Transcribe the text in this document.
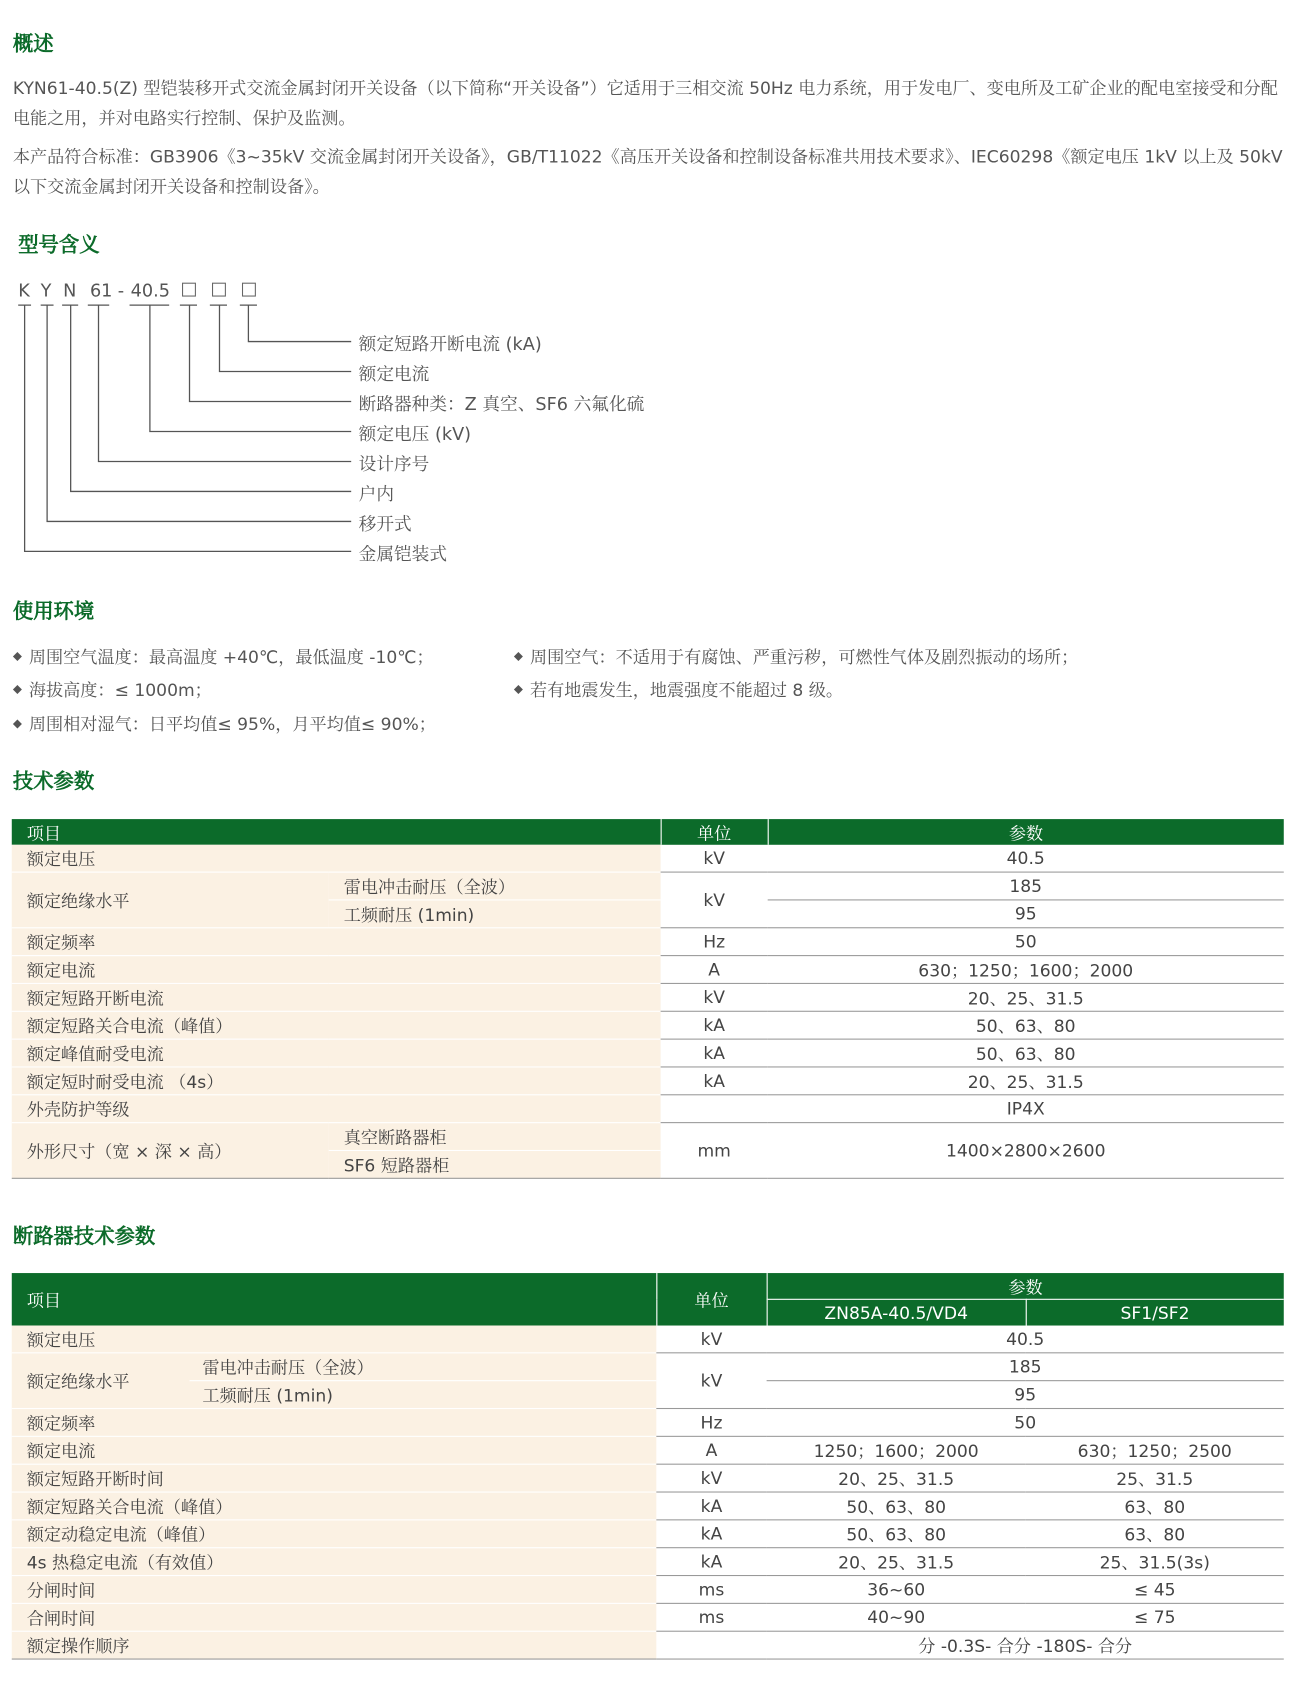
概述
KYN61-40.5(Z) 型铠装移开式交流金属封闭开关设备（以下简称“开关设备”）它适用于三相交流 50Hz 电力系统，用于发电厂、变电所及工矿企业的配电室接受和分配电能之用，并对电路实行控制、保护及监测。
本产品符合标准：GB3906《3~35kV 交流金属封闭开关设备》，GB/T11022《高压开关设备和控制设备标准共用技术要求》、IEC60298《额定电压 1kV 以上及 50kV 以下交流金属封闭开关设备和控制设备》。
型号含义
K Y N 61 - 40.5
额定短路开断电流 (kA)
额定电流
断路器种类：Z 真空、SF6 六氟化硫
额定电压 (kV)
设计序号
户内
移开式
金属铠装式
使用环境
◆ 周围空气温度：最高温度 +40℃，最低温度 -10℃；
◆ 海拔高度：≤ 1000m；
◆ 周围相对湿气：日平均值≤ 95%，月平均值≤ 90%；
◆ 周围空气：不适用于有腐蚀、严重污秽，可燃性气体及剧烈振动的场所；
◆ 若有地震发生，地震强度不能超过 8 级。
技术参数
项目		单位	参数
额定电压		kV	40.5
额定绝缘水平	雷电冲击耐压（全波）	kV	185
	工频耐压 (1min)		95
额定频率		Hz	50
额定电流		A	630；1250；1600；2000
额定短路开断电流		kV	20、25、31.5
额定短路关合电流（峰值）		kA	50、63、80
额定峰值耐受电流		kA	50、63、80
额定短时耐受电流 （4s）		kA	20、25、31.5
外壳防护等级			IP4X
外形尺寸（宽 × 深 × 高）	真空断路器柜	mm	1400×2800×2600
	SF6 短路器柜		
断路器技术参数
项目		单位	参数	
			ZN85A-40.5/VD4	SF1/SF2
额定电压		kV	40.5	
额定绝缘水平	雷电冲击耐压（全波）	kV	185	
	工频耐压 (1min)		95	
额定频率		Hz	50	
额定电流		A	1250；1600；2000	630；1250；2500
额定短路开断时间		kV	20、25、31.5	25、31.5
额定短路关合电流（峰值）		kA	50、63、80	63、80
额定动稳定电流（峰值）		kA	50、63、80	63、80
4s 热稳定电流（有效值）		kA	20、25、31.5	25、31.5(3s)
分闸时间		ms	36~60	≤ 45
合闸时间		ms	40~90	≤ 75
额定操作顺序			分 -0.3S- 合分 -180S- 合分	
